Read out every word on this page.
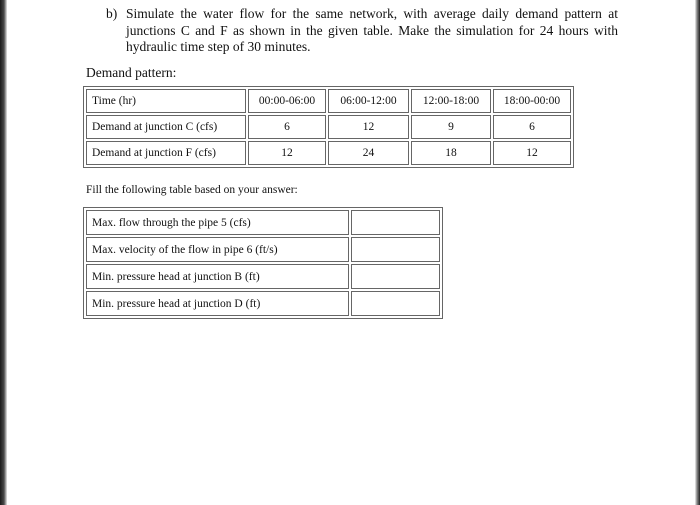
b) Simulate the water flow for the same network, with average daily demand pattern at junctions C and F as shown in the given table. Make the simulation for 24 hours with hydraulic time step of 30 minutes.
Demand pattern:
Time (hr)	00:00-06:00	06:00-12:00	12:00-18:00	18:00-00:00
Demand at junction C (cfs)	6	12	9	6
Demand at junction F (cfs)	12	24	18	12
Fill the following table based on your answer:
Max. flow through the pipe 5 (cfs)	
Max. velocity of the flow in pipe 6 (ft/s)	
Min. pressure head at junction B (ft)	
Min. pressure head at junction D (ft)	
